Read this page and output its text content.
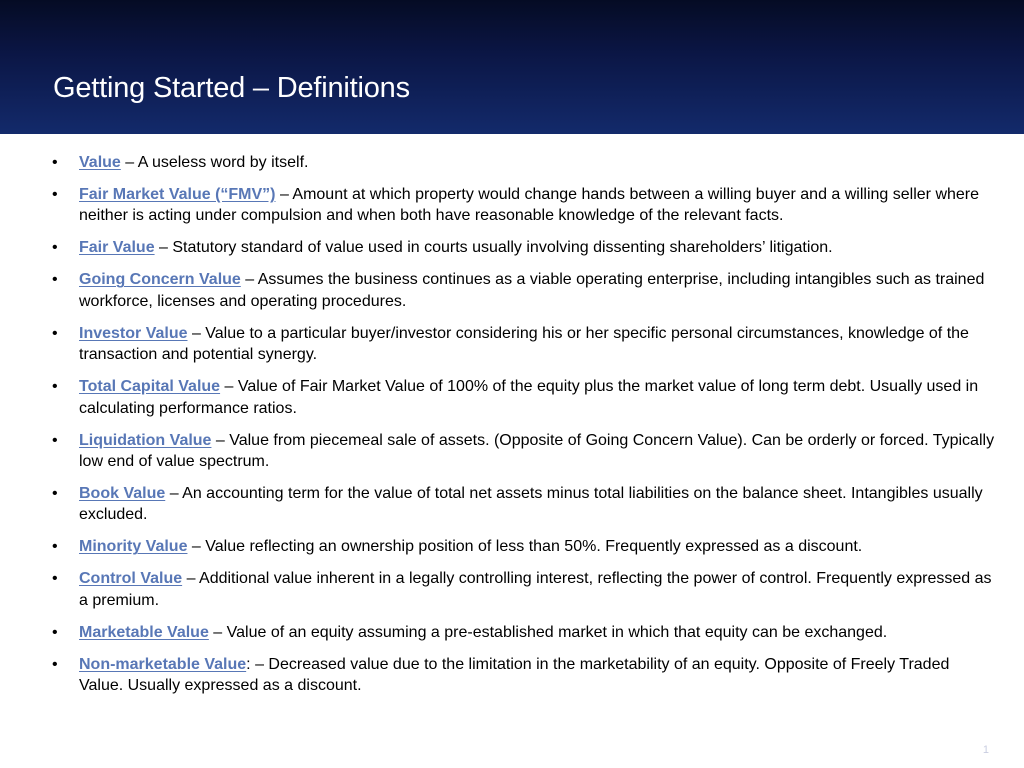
Getting Started – Definitions
• Value – A useless word by itself.
• Fair Market Value (“FMV”) – Amount at which property would change hands between a willing buyer and a willing seller where neither is acting under compulsion and when both have reasonable knowledge of the relevant facts.
• Fair Value – Statutory standard of value used in courts usually involving dissenting shareholders’ litigation.
• Going Concern Value – Assumes the business continues as a viable operating enterprise, including intangibles such as trained workforce, licenses and operating procedures.
• Investor Value – Value to a particular buyer/investor considering his or her specific personal circumstances, knowledge of the transaction and potential synergy.
• Total Capital Value – Value of Fair Market Value of 100% of the equity plus the market value of long term debt. Usually used in calculating performance ratios.
• Liquidation Value – Value from piecemeal sale of assets. (Opposite of Going Concern Value). Can be orderly or forced. Typically low end of value spectrum.
• Book Value – An accounting term for the value of total net assets minus total liabilities on the balance sheet. Intangibles usually excluded.
• Minority Value – Value reflecting an ownership position of less than 50%. Frequently expressed as a discount.
• Control Value – Additional value inherent in a legally controlling interest, reflecting the power of control. Frequently expressed as a premium.
• Marketable Value – Value of an equity assuming a pre-established market in which that equity can be exchanged.
• Non-marketable Value: – Decreased value due to the limitation in the marketability of an equity. Opposite of Freely Traded Value. Usually expressed as a discount.
1
